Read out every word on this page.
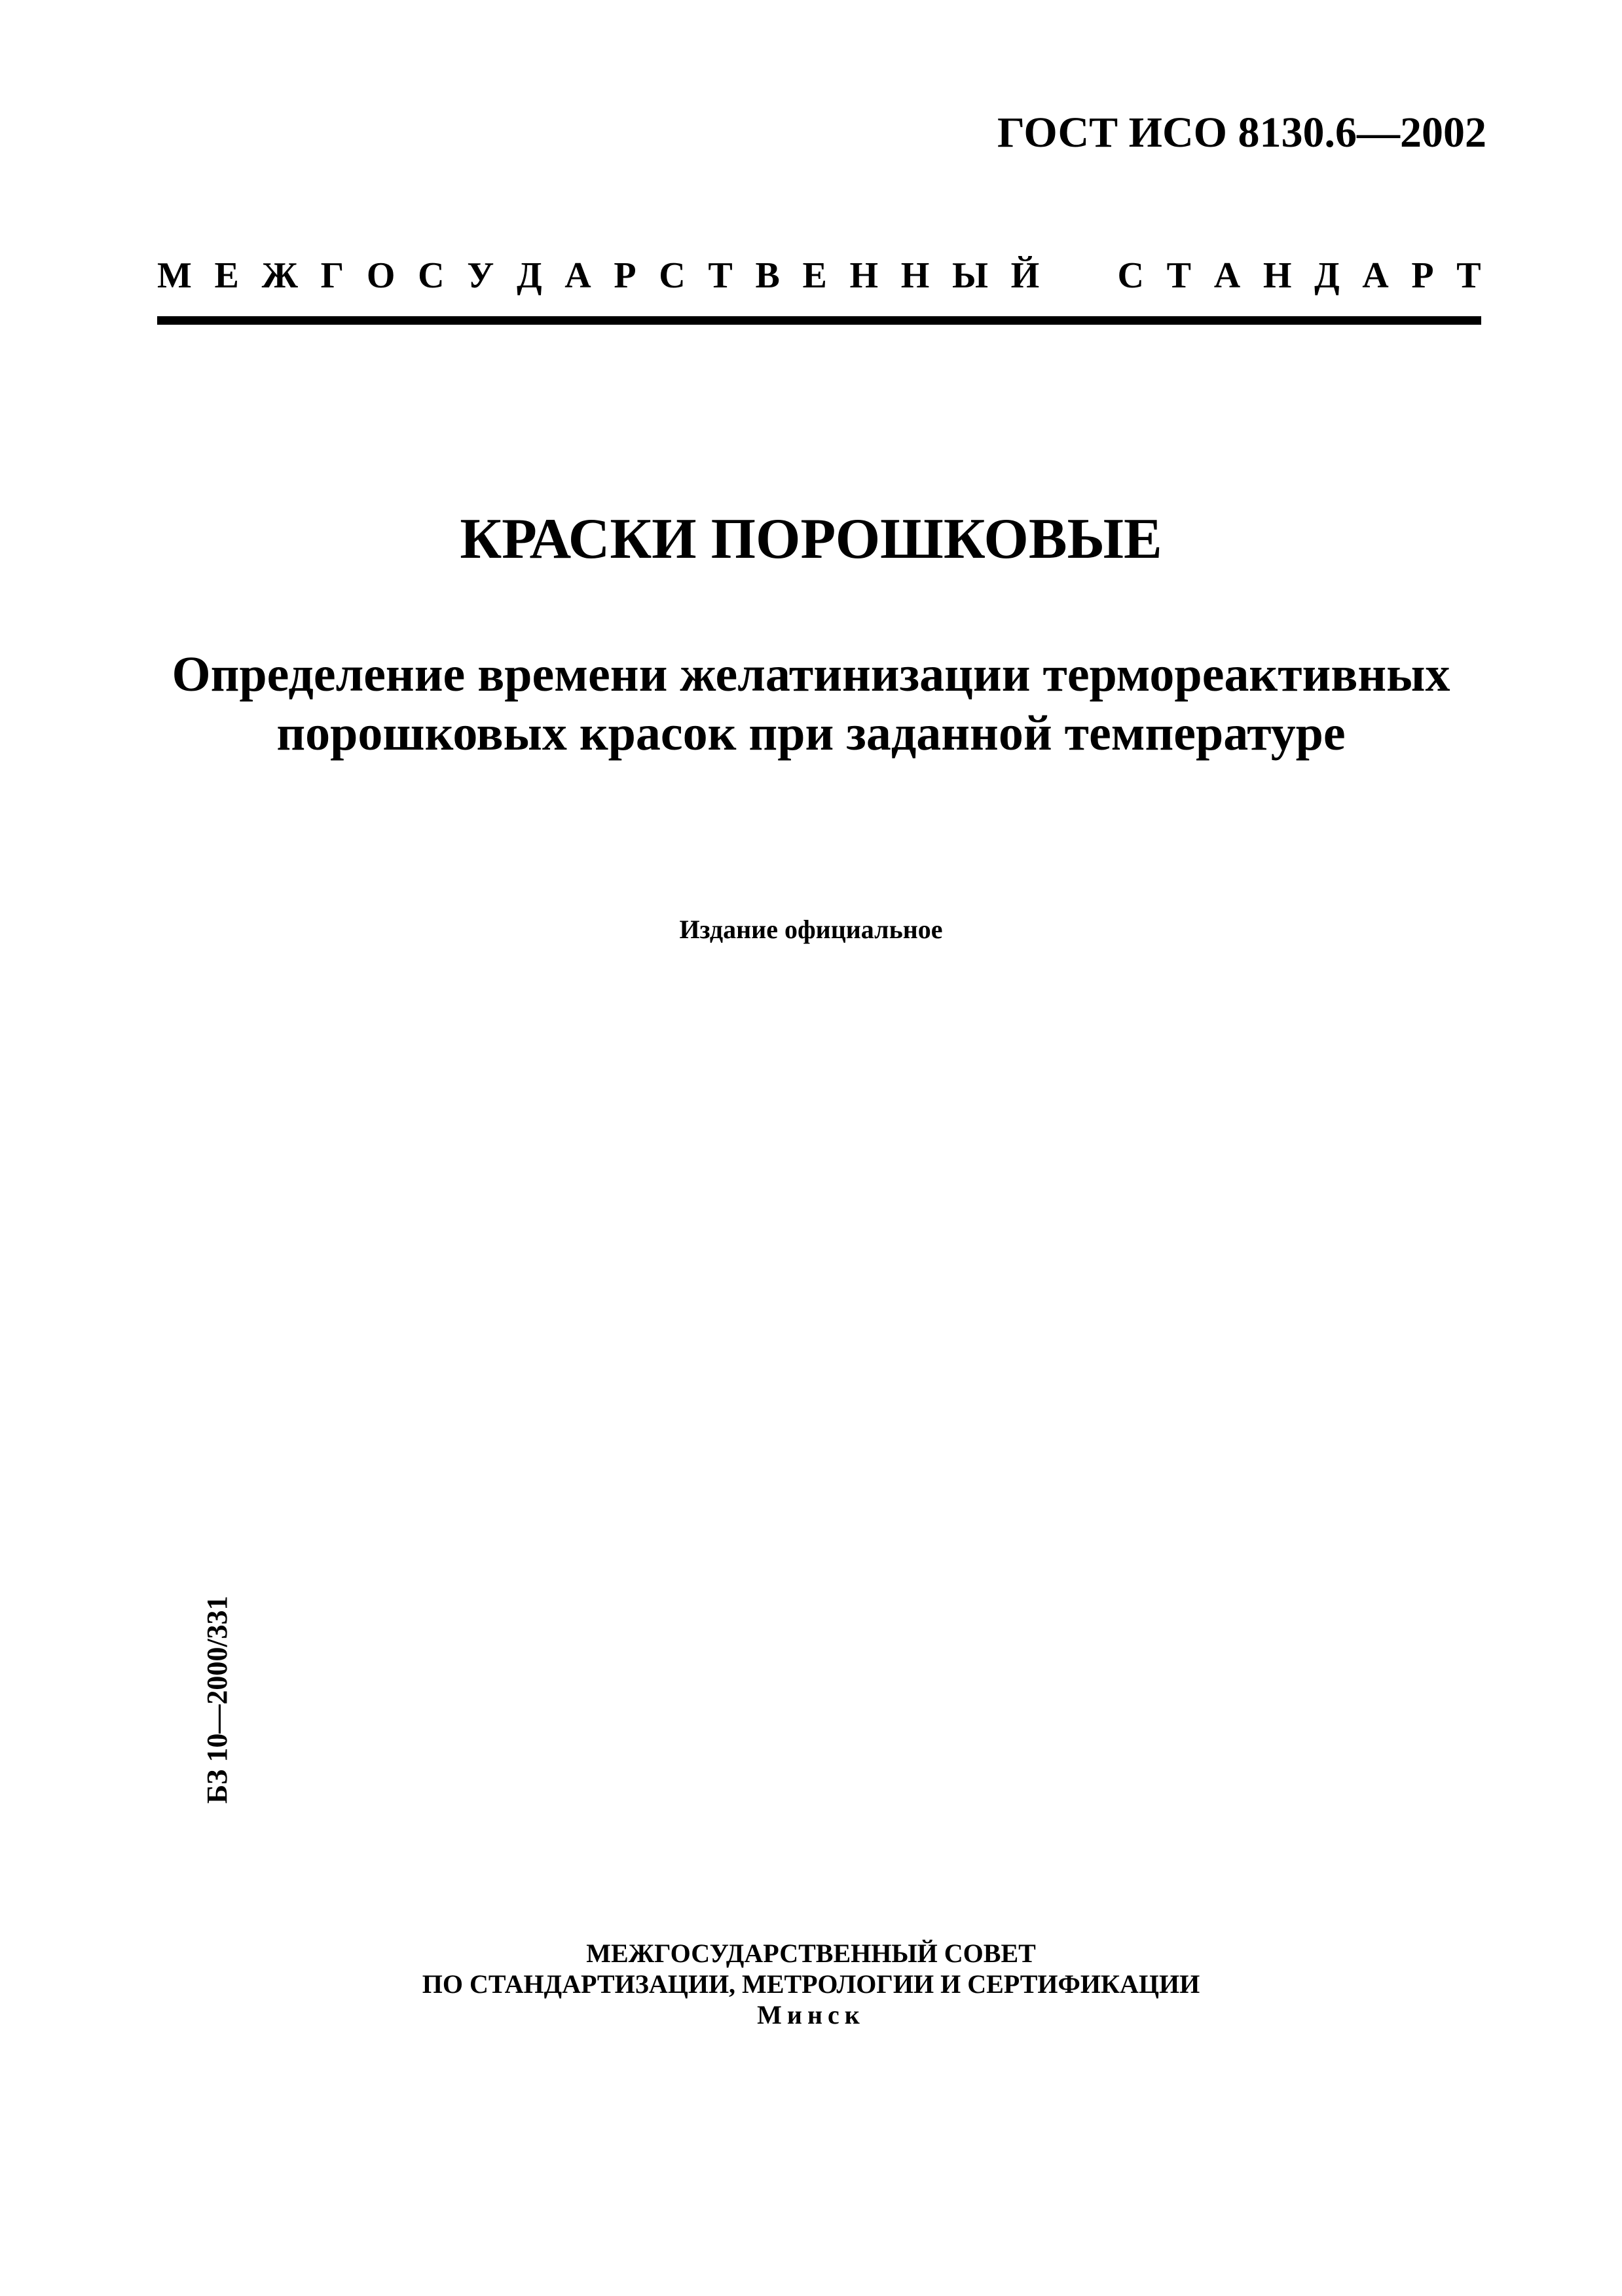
ГОСТ ИСО 8130.6—2002
М Е Ж Г О С У Д А Р С Т В Е Н Н Ы Й С Т А Н Д А Р Т
КРАСКИ ПОРОШКОВЫЕ
Определение времени желатинизации термореактивных
порошковых красок при заданной температуре
Издание официальное
БЗ 10—2000/331
МЕЖГОСУДАРСТВЕННЫЙ СОВЕТ
ПО СТАНДАРТИЗАЦИИ, МЕТРОЛОГИИ И СЕРТИФИКАЦИИ
Минск
